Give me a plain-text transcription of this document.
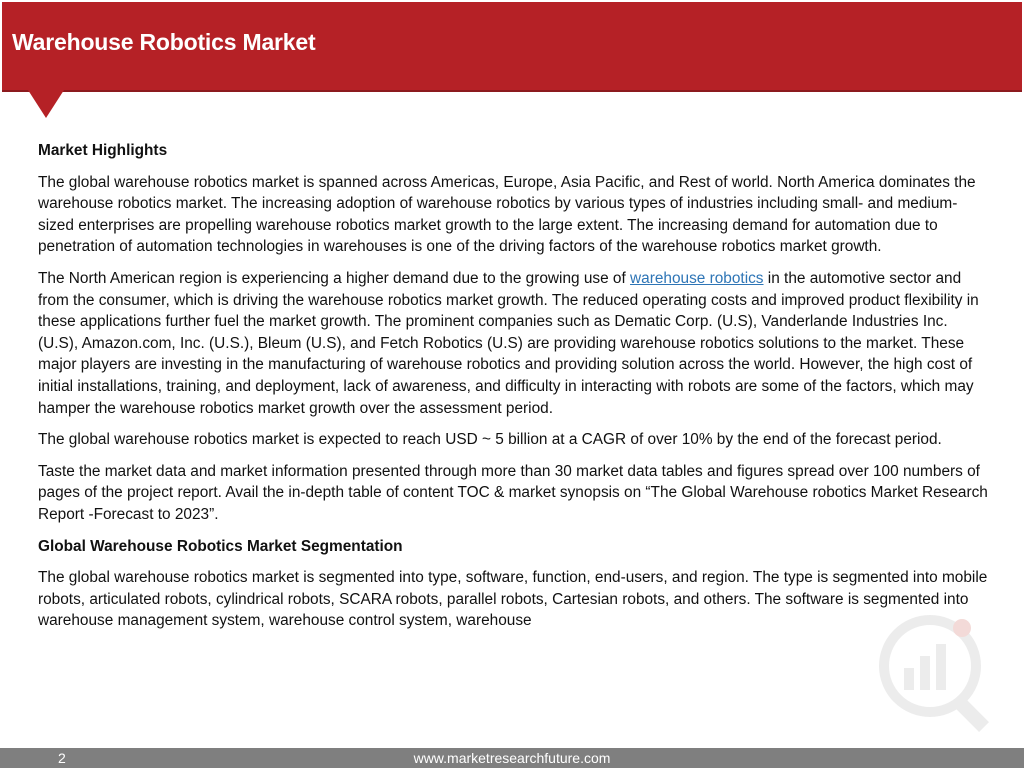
Warehouse Robotics Market

Market Highlights

The global warehouse robotics market is spanned across Americas, Europe, Asia Pacific, and Rest of world. North America dominates the warehouse robotics market. The increasing adoption of warehouse robotics by various types of industries including small- and medium-sized enterprises are propelling warehouse robotics market growth to the large extent. The increasing demand for automation due to penetration of automation technologies in warehouses is one of the driving factors of the warehouse robotics market growth.

The North American region is experiencing a higher demand due to the growing use of warehouse robotics in the automotive sector and from the consumer, which is driving the warehouse robotics market growth. The reduced operating costs and improved product flexibility in these applications further fuel the market growth. The prominent companies such as Dematic Corp. (U.S), Vanderlande Industries Inc. (U.S), Amazon.com, Inc. (U.S.), Bleum (U.S), and Fetch Robotics (U.S) are providing warehouse robotics solutions to the market. These major players are investing in the manufacturing of warehouse robotics and providing solution across the world. However, the high cost of initial installations, training, and deployment, lack of awareness, and difficulty in interacting with robots are some of the factors, which may hamper the warehouse robotics market growth over the assessment period.

The global warehouse robotics market is expected to reach USD ~ 5 billion at a CAGR of over 10% by the end of the forecast period.

Taste the market data and market information presented through more than 30 market data tables and figures spread over 100 numbers of pages of the project report. Avail the in-depth table of content TOC & market synopsis on “The Global Warehouse robotics Market Research Report -Forecast to 2023”.

Global Warehouse Robotics Market Segmentation

The global warehouse robotics market is segmented into type, software, function, end-users, and region. The type is segmented into mobile robots, articulated robots, cylindrical robots, SCARA robots, parallel robots, Cartesian robots, and others. The software is segmented into warehouse management system, warehouse control system, warehouse

2	www.marketresearchfuture.com
